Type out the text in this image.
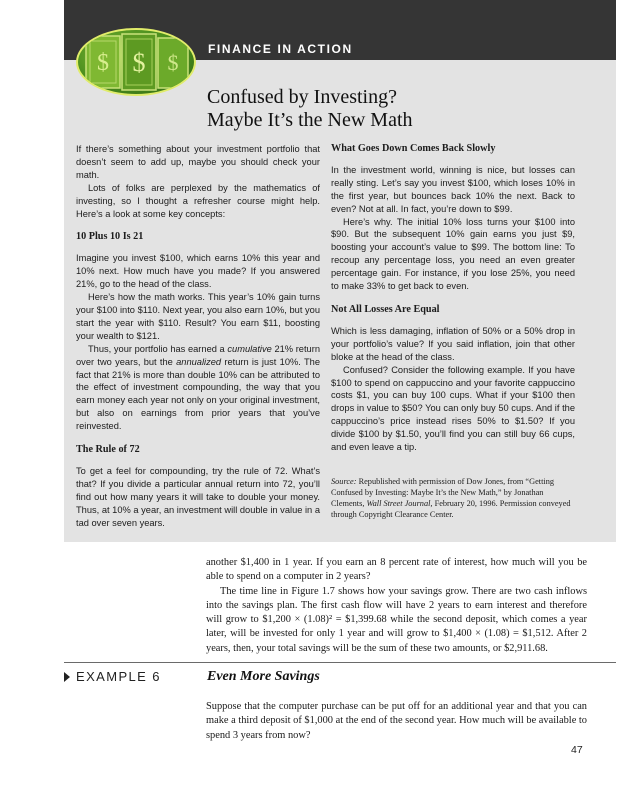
$ $ $
FINANCE IN ACTION
Confused by Investing?
Maybe It’s the New Math

If there’s something about your investment portfolio that doesn’t seem to add up, maybe you should check your math.

Lots of folks are perplexed by the mathematics of investing, so I thought a refresher course might help. Here’s a look at some key concepts:

10 Plus 10 Is 21

Imagine you invest $100, which earns 10% this year and 10% next. How much have you made? If you answered 21%, go to the head of the class.

Here’s how the math works. This year’s 10% gain turns your $100 into $110. Next year, you also earn 10%, but you start the year with $110. Result? You earn $11, boosting your wealth to $121.

Thus, your portfolio has earned a cumulative 21% return over two years, but the annualized return is just 10%. The fact that 21% is more than double 10% can be attributed to the effect of investment compounding, the way that you earn money each year not only on your original investment, but also on earnings from prior years that you’ve reinvested.

The Rule of 72

To get a feel for compounding, try the rule of 72. What’s that? If you divide a particular annual return into 72, you’ll find out how many years it will take to double your money. Thus, at 10% a year, an investment will double in value in a tad over seven years.

What Goes Down Comes Back Slowly

In the investment world, winning is nice, but losses can really sting. Let’s say you invest $100, which loses 10% in the first year, but bounces back 10% the next. Back to even? Not at all. In fact, you’re down to $99.

Here’s why. The initial 10% loss turns your $100 into $90. But the subsequent 10% gain earns you just $9, boosting your account’s value to $99. The bottom line: To recoup any percentage loss, you need an even greater percentage gain. For instance, if you lose 25%, you need to make 33% to get back to even.

Not All Losses Are Equal

Which is less damaging, inflation of 50% or a 50% drop in your portfolio’s value? If you said inflation, join that other bloke at the head of the class.

Confused? Consider the following example. If you have $100 to spend on cappuccino and your favorite cappuccino costs $1, you can buy 100 cups. What if your $100 then drops in value to $50? You can only buy 50 cups. And if the cappuccino’s price instead rises 50% to $1.50? If you divide $100 by $1.50, you’ll find you can still buy 66 cups, and even leave a tip.

Source: Republished with permission of Dow Jones, from “Getting Confused by Investing: Maybe It’s the New Math,” by Jonathan Clements, Wall Street Journal, February 20, 1996. Permission conveyed through Copyright Clearance Center.

another $1,400 in 1 year. If you earn an 8 percent rate of interest, how much will you be able to spend on a computer in 2 years?

The time line in Figure 1.7 shows how your savings grow. There are two cash inflows into the savings plan. The first cash flow will have 2 years to earn interest and therefore will grow to $1,200 × (1.08)² = $1,399.68 while the second deposit, which comes a year later, will be invested for only 1 year and will grow to $1,400 × (1.08) = $1,512. After 2 years, then, your total savings will be the sum of these two amounts, or $2,911.68.

EXAMPLE 6	Even More Savings

Suppose that the computer purchase can be put off for an additional year and that you can make a third deposit of $1,000 at the end of the second year. How much will be available to spend 3 years from now?

47
